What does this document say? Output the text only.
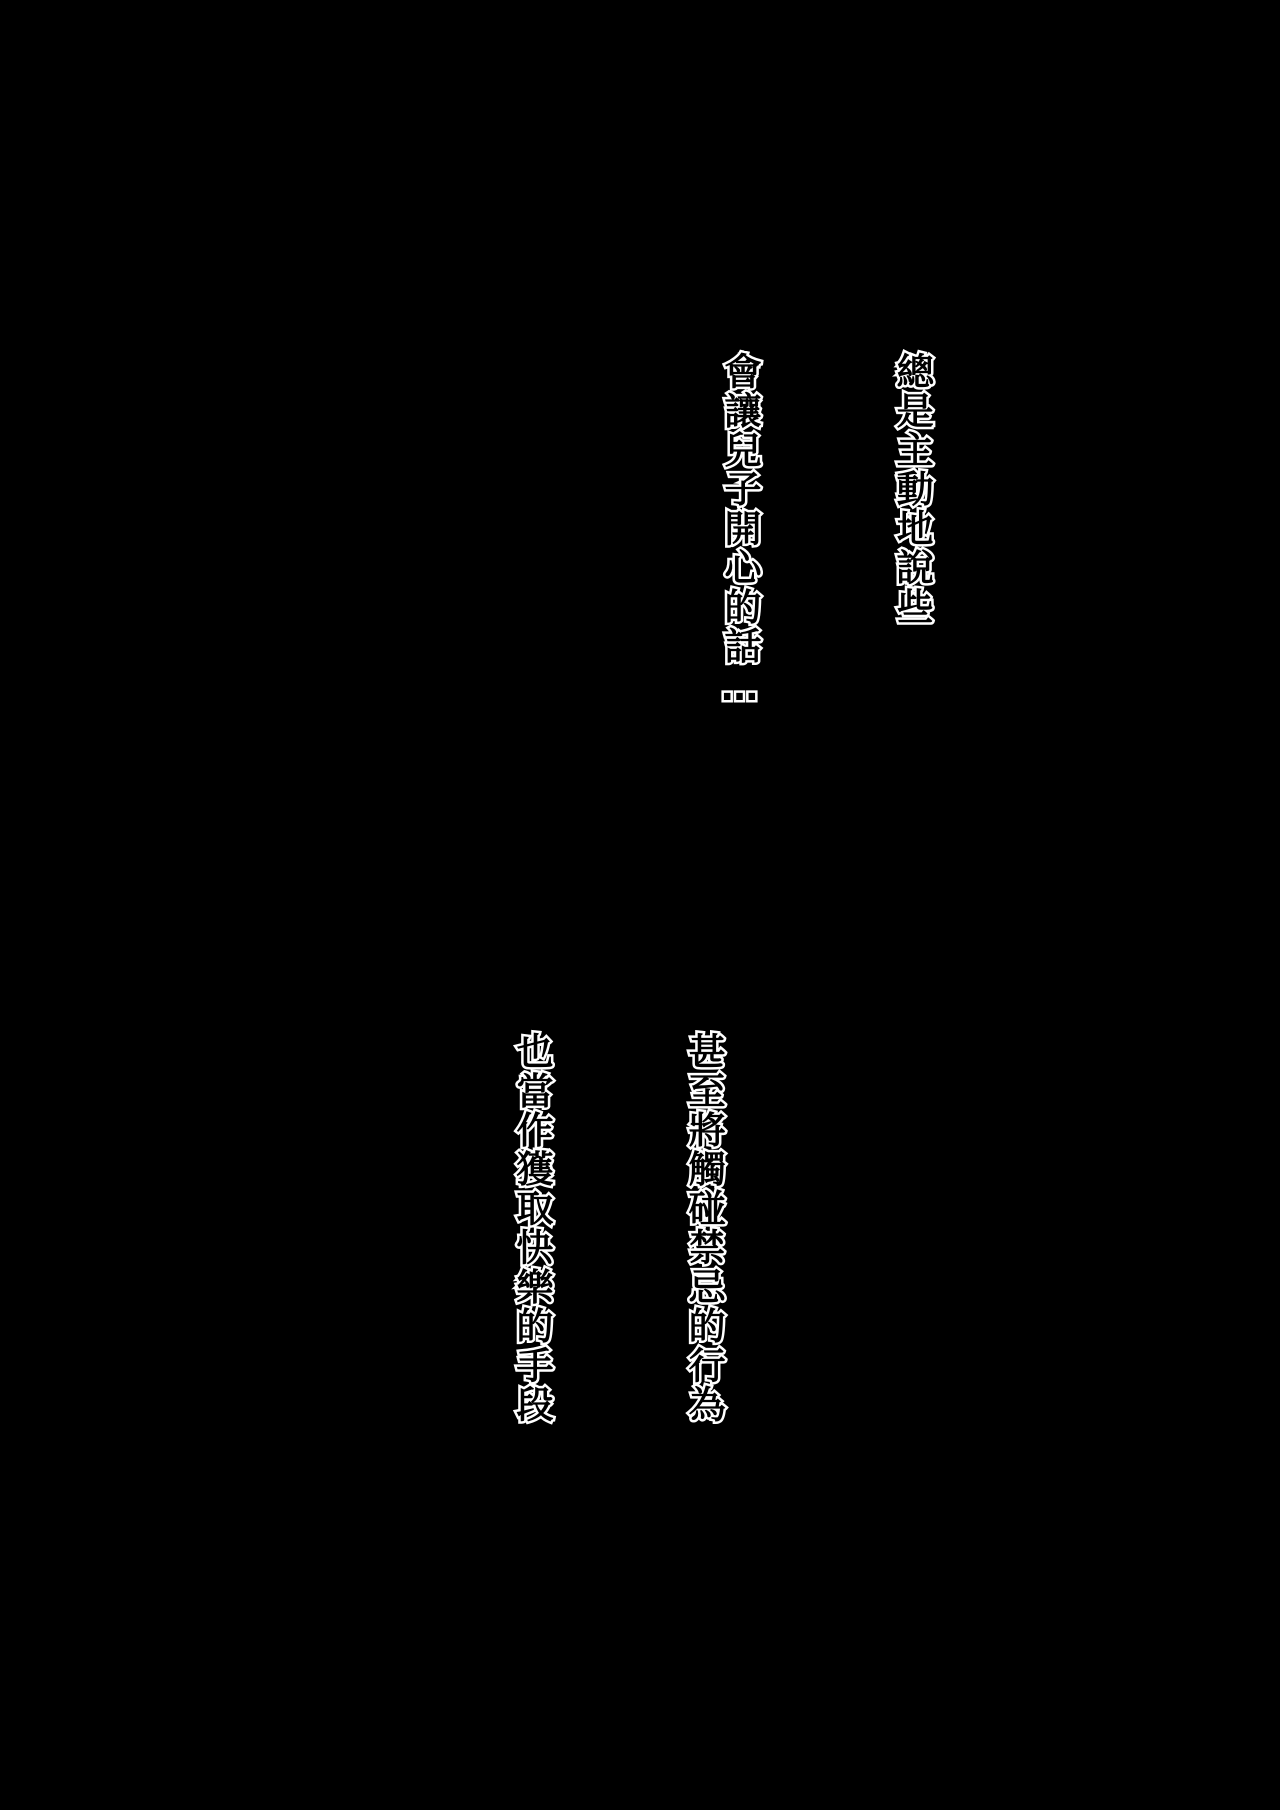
總是主動地說些

會讓兒子開心的話…

甚至將觸碰禁忌的行為

也當作獲取快樂的手段
